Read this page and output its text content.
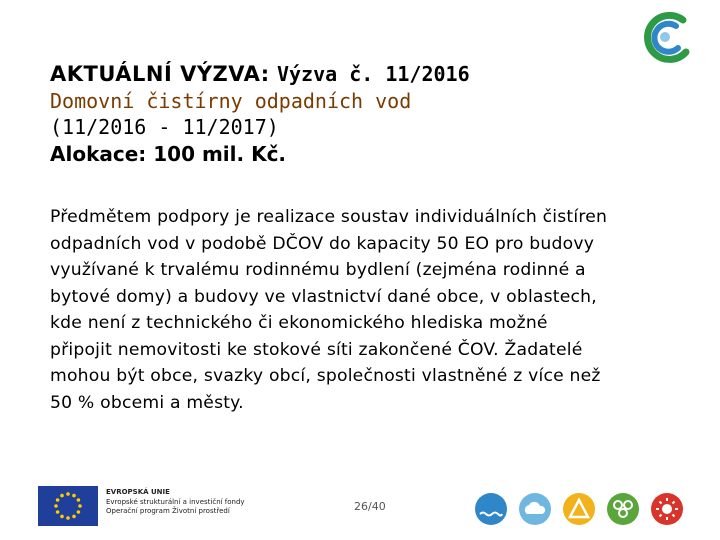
AKTUÁLNÍ VÝZVA: Výzva č. 11/2016
Domovní čistírny odpadních vod
(11/2016 - 11/2017)
Alokace: 100 mil. Kč.

Předmětem podpory je realizace soustav individuálních čistíren

odpadních vod v podobě DČOV do kapacity 50 EO pro budovy

využívané k trvalému rodinnému bydlení (zejména rodinné a

bytové domy) a budovy ve vlastnictví dané obce, v oblastech,

kde není z technického či ekonomického hlediska možné

připojit nemovitosti ke stokové síti zakončené ČOV. Žadatelé

mohou být obce, svazky obcí, společnosti vlastněné z více než

50 % obcemi a městy.

EVROPSKÁ UNIE
Evropské strukturální a investiční fondy
Operační program Životní prostředí	26/40
